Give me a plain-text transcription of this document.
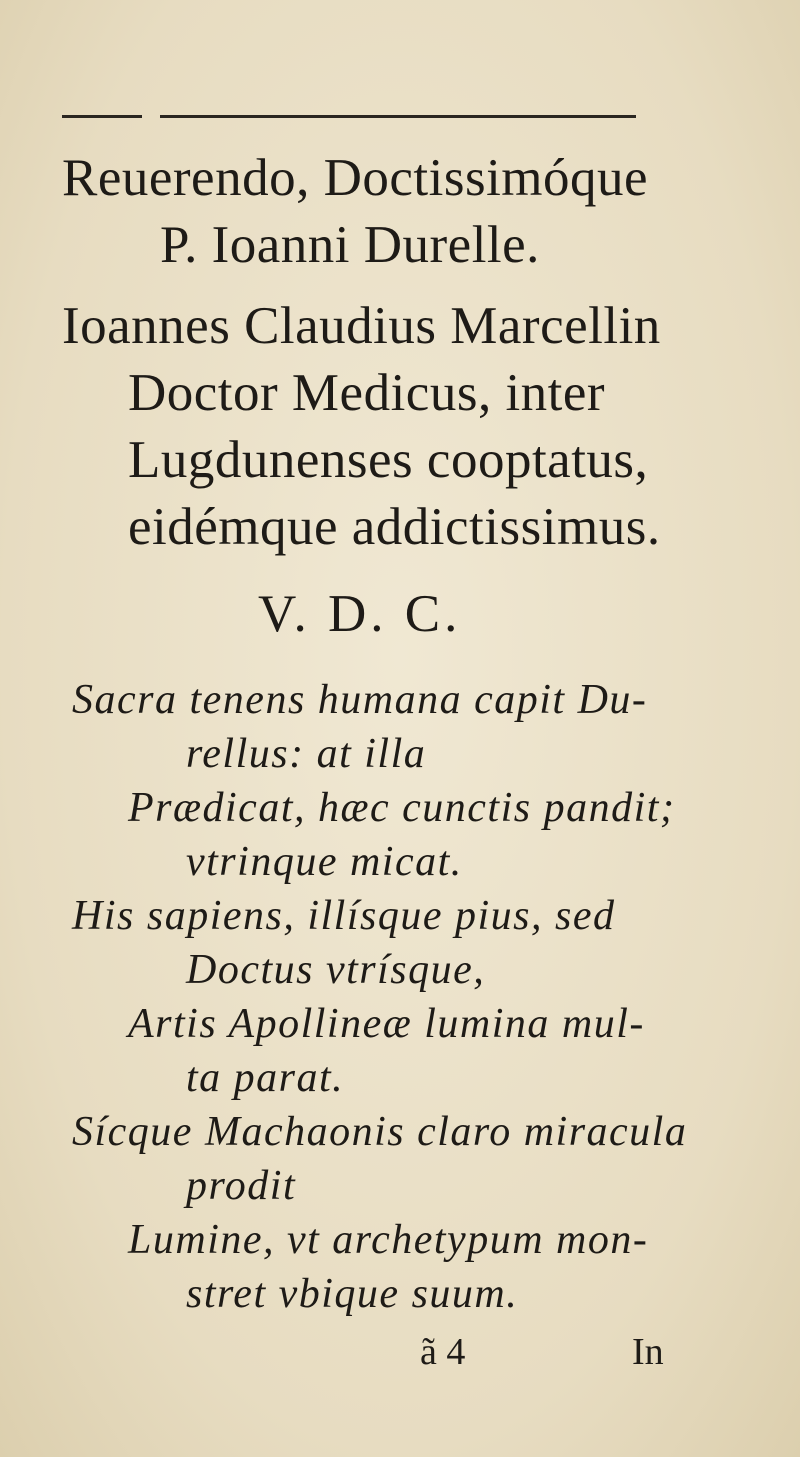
Reuerendo, Doctissimóque
P. Ioanni Durelle.
Ioannes Claudius Marcellin
Doctor Medicus, inter
Lugdunenses cooptatus,
eidémque addictissimus.
V. D. C.
Sacra tenens humana capit Du-
rellus: at illa
Prædicat, hæc cunctis pandit;
vtrinque micat.
His sapiens, illísque pius, sed
Doctus vtrísque,
Artis Apollineæ lumina mul-
ta parat.
Sícque Machaonis claro miracula
prodit
Lumine, vt archetypum mon-
stret vbique suum.
ã 4	In
